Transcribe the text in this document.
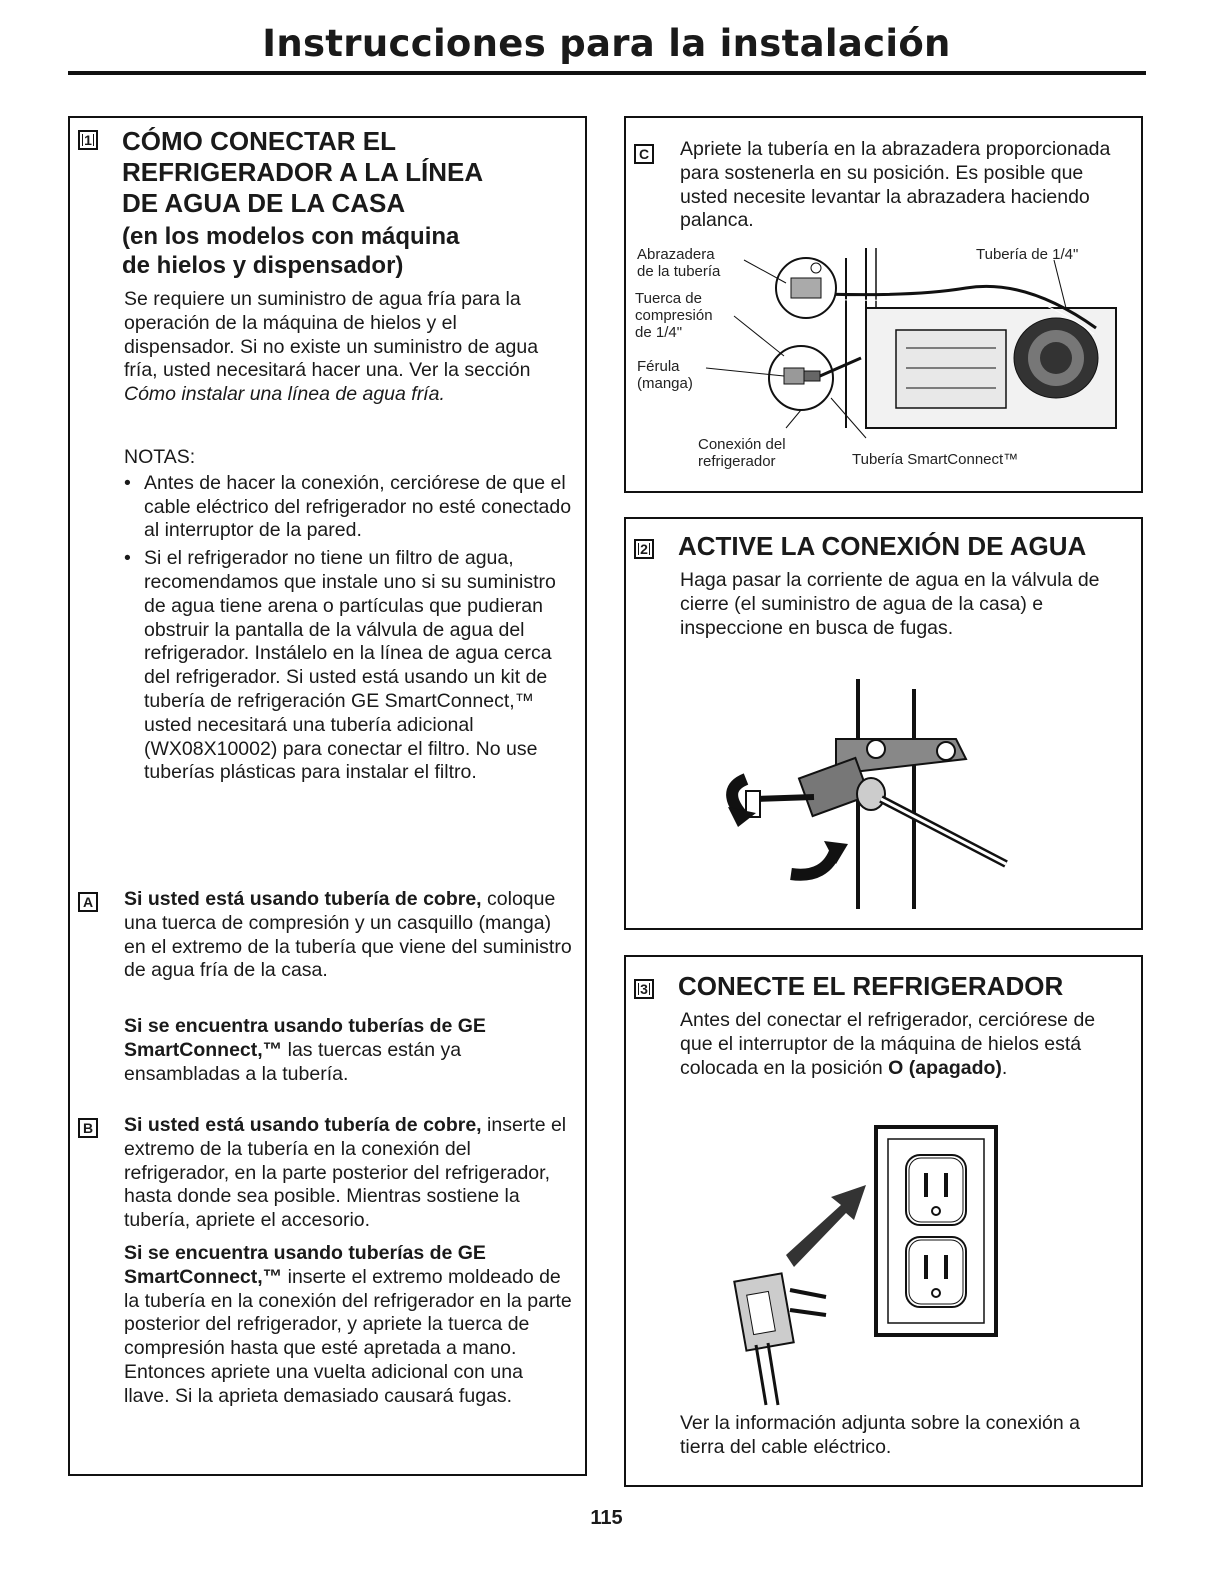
Instrucciones para la instalación
1 CÓMO CONECTAR EL
REFRIGERADOR A LA LÍNEA
DE AGUA DE LA CASA
(en los modelos con máquina
de hielos y dispensador)
Se requiere un suministro de agua fría para la operación de la máquina de hielos y el dispensador. Si no existe un suministro de agua fría, usted necesitará hacer una. Ver la sección Cómo instalar una línea de agua fría.
NOTAS:
• Antes de hacer la conexión, cerciórese de que el cable eléctrico del refrigerador no esté conectado al interruptor de la pared.
• Si el refrigerador no tiene un filtro de agua, recomendamos que instale uno si su suministro de agua tiene arena o partículas que pudieran obstruir la pantalla de la válvula de agua del refrigerador. Instálelo en la línea de agua cerca del refrigerador. Si usted está usando un kit de tubería de refrigeración GE SmartConnect,™ usted necesitará una tubería adicional (WX08X10002) para conectar el filtro. No use tuberías plásticas para instalar el filtro.
A Si usted está usando tubería de cobre, coloque una tuerca de compresión y un casquillo (manga) en el extremo de la tubería que viene del suministro de agua fría de la casa.
Si se encuentra usando tuberías de GE SmartConnect,™ las tuercas están ya ensambladas a la tubería.
B Si usted está usando tubería de cobre, inserte el extremo de la tubería en la conexión del refrigerador, en la parte posterior del refrigerador, hasta donde sea posible. Mientras sostiene la tubería, apriete el accesorio.
Si se encuentra usando tuberías de GE SmartConnect,™ inserte el extremo moldeado de la tubería en la conexión del refrigerador en la parte posterior del refrigerador, y apriete la tuerca de compresión hasta que esté apretada a mano. Entonces apriete una vuelta adicional con una llave. Si la aprieta demasiado causará fugas.
C Apriete la tubería en la abrazadera proporcionada para sostenerla en su posición. Es posible que usted necesite levantar la abrazadera haciendo palanca.
Abrazadera
de la tubería
Tuerca de
compresión
de 1/4"
Férula
(manga)
Conexión del
refrigerador
Tubería de 1/4"
Tubería SmartConnect™
2 ACTIVE LA CONEXIÓN DE AGUA
Haga pasar la corriente de agua en la válvula de cierre (el suministro de agua de la casa) e inspeccione en busca de fugas.
3 CONECTE EL REFRIGERADOR
Antes del conectar el refrigerador, cerciórese de que el interruptor de la máquina de hielos está colocada en la posición O (apagado).
Ver la información adjunta sobre la conexión a tierra del cable eléctrico.
115
